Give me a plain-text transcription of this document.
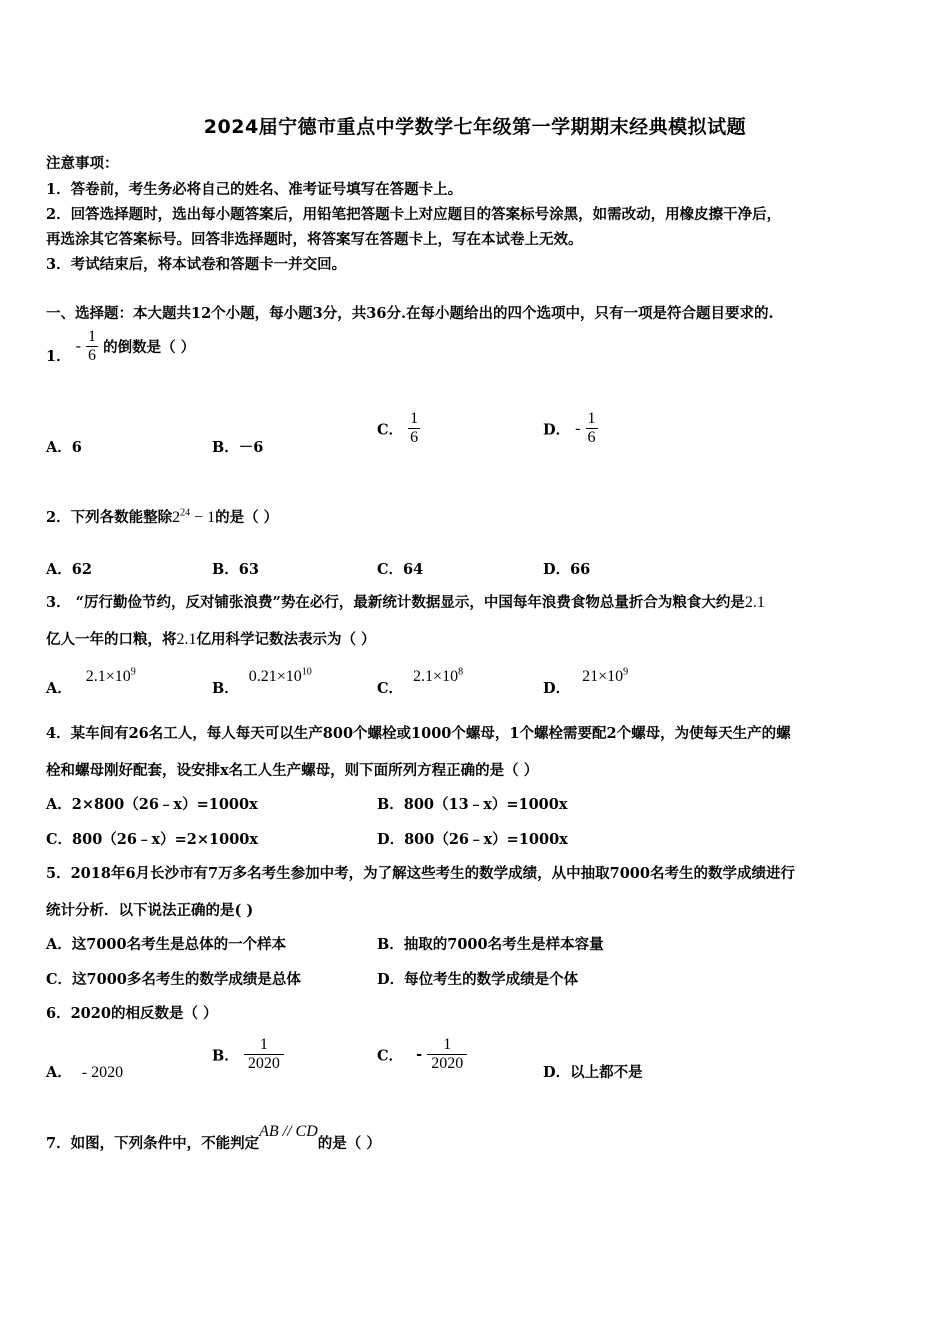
2024届宁德市重点中学数学七年级第一学期期末经典模拟试题
注意事项：
1．答卷前，考生务必将自己的姓名、准考证号填写在答题卡上。
2．回答选择题时，选出每小题答案后，用铅笔把答题卡上对应题目的答案标号涂黑，如需改动，用橡皮擦干净后，
再选涂其它答案标号。回答非选择题时，将答案写在答题卡上，写在本试卷上无效。
3．考试结束后，将本试卷和答题卡一并交回。
一、选择题：本大题共12个小题，每小题3分，共36分.在每小题给出的四个选项中，只有一项是符合题目要求的.
1． - $\frac{1}{6}$ 的倒数是（ ）
A．6	B．－6
C． $\frac{1}{6}$	D． - $\frac{1}{6}$
2．下列各数能整除$2^{24} - 1$的是（ ）
A．62	B．63	C．64	D．66
3． “厉行勤俭节约，反对铺张浪费”势在必行，最新统计数据显示，中国每年浪费食物总量折合为粮食大约是2.1
亿人一年的口粮，将2.1亿用科学记数法表示为（ ）
A．$2.1\times 10^9$
B．$0.21\times 10^{10}$
C．$2.1\times 10^8$
D．$21\times 10^9$
4．某车间有26名工人，每人每天可以生产800个螺栓或1000个螺母，1个螺栓需要配2个螺母，为使每天生产的螺
栓和螺母刚好配套，设安排x名工人生产螺母，则下面所列方程正确的是（ ）
A．2×800（26﹣x）=1000x	B．800（13﹣x）=1000x
C．800（26﹣x）=2×1000x	D．800（26﹣x）=1000x
5．2018年6月长沙市有7万多名考生参加中考，为了解这些考生的数学成绩，从中抽取7000名考生的数学成绩进行
统计分析．以下说法正确的是( )
A．这7000名考生是总体的一个样本	B．抽取的7000名考生是样本容量
C．这7000多名考生的数学成绩是总体	D．每位考生的数学成绩是个体
6．2020的相反数是（ ）
A． - 2020
B． $\frac{1}{2020}$	C． - $\frac{1}{2020}$	D．以上都不是
7．如图，下列条件中，不能判定AB // CD的是（ ）
